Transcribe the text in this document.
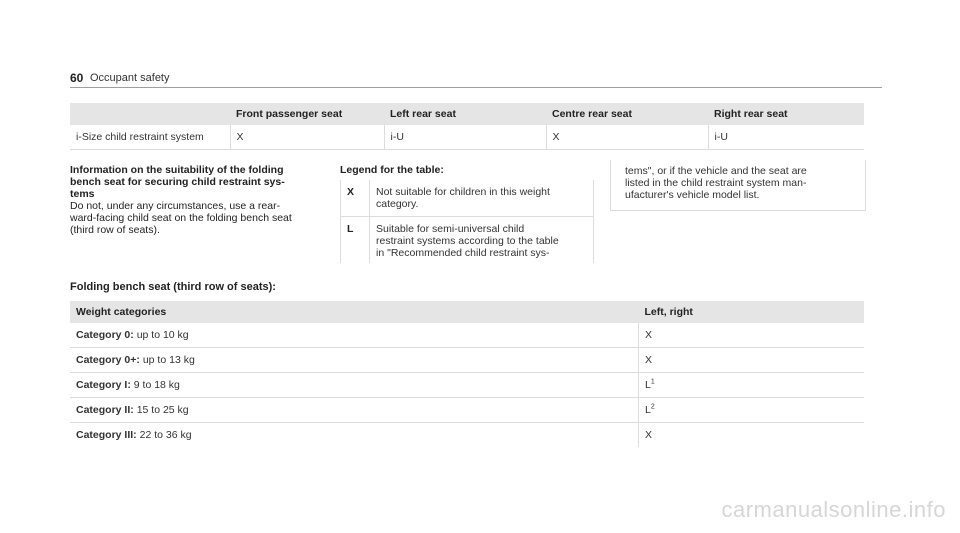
60 Occupant safety
	Front passenger seat	Left rear seat	Centre rear seat	Right rear seat
i-Size child restraint system	X	i-U	X	i-U
Information on the suitability of the folding
bench seat for securing child restraint sys-
tems
Do not, under any circumstances, use a rear-
ward-facing child seat on the folding bench seat
(third row of seats).
Legend for the table:
X	Not suitable for children in this weight
category.
L	Suitable for semi-universal child
restraint systems according to the table
in "Recommended child restraint sys-
tems", or if the vehicle and the seat are
listed in the child restraint system man-
ufacturer's vehicle model list.
Folding bench seat (third row of seats):
Weight categories	Left, right
Category 0: up to 10 kg	X
Category 0+: up to 13 kg	X
Category I: 9 to 18 kg	$L^1$
Category II: 15 to 25 kg	$L^2$
Category III: 22 to 36 kg	X
carmanualsonline.info
